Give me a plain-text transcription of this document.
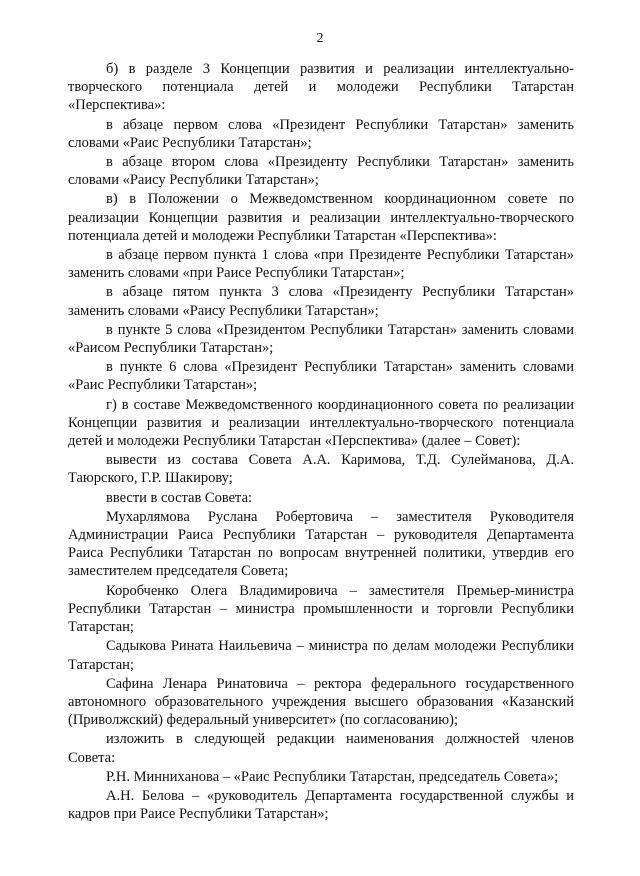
2

б) в разделе 3 Концепции развития и реализации интеллектуально-творческого потенциала детей и молодежи Республики Татарстан «Перспектива»:

в абзаце первом слова «Президент Республики Татарстан» заменить словами «Раис Республики Татарстан»;

в абзаце втором слова «Президенту Республики Татарстан» заменить словами «Раису Республики Татарстан»;

в) в Положении о Межведомственном координационном совете по реализации Концепции развития и реализации интеллектуально-творческого потенциала детей и молодежи Республики Татарстан «Перспектива»:

в абзаце первом пункта 1 слова «при Президенте Республики Татарстан» заменить словами «при Раисе Республики Татарстан»;

в абзаце пятом пункта 3 слова «Президенту Республики Татарстан» заменить словами «Раису Республики Татарстан»;

в пункте 5 слова «Президентом Республики Татарстан» заменить словами «Раисом Республики Татарстан»;

в пункте 6 слова «Президент Республики Татарстан» заменить словами «Раис Республики Татарстан»;

г) в составе Межведомственного координационного совета по реализации Концепции развития и реализации интеллектуально-творческого потенциала детей и молодежи Республики Татарстан «Перспектива» (далее – Совет):

вывести из состава Совета А.А. Каримова, Т.Д. Сулейманова, Д.А. Таюрского, Г.Р. Шакирову;

ввести в состав Совета:

Мухарлямова Руслана Робертовича – заместителя Руководителя Администрации Раиса Республики Татарстан – руководителя Департамента Раиса Республики Татарстан по вопросам внутренней политики, утвердив его заместителем председателя Совета;

Коробченко Олега Владимировича – заместителя Премьер-министра Республики Татарстан – министра промышленности и торговли Республики Татарстан;

Садыкова Рината Наильевича – министра по делам молодежи Республики Татарстан;

Сафина Ленара Ринатовича – ректора федерального государственного автономного образовательного учреждения высшего образования «Казанский (Приволжский) федеральный университет» (по согласованию);

изложить в следующей редакции наименования должностей членов Совета:

Р.Н. Минниханова – «Раис Республики Татарстан, председатель Совета»;

А.Н. Белова – «руководитель Департамента государственной службы и кадров при Раисе Республики Татарстан»;
